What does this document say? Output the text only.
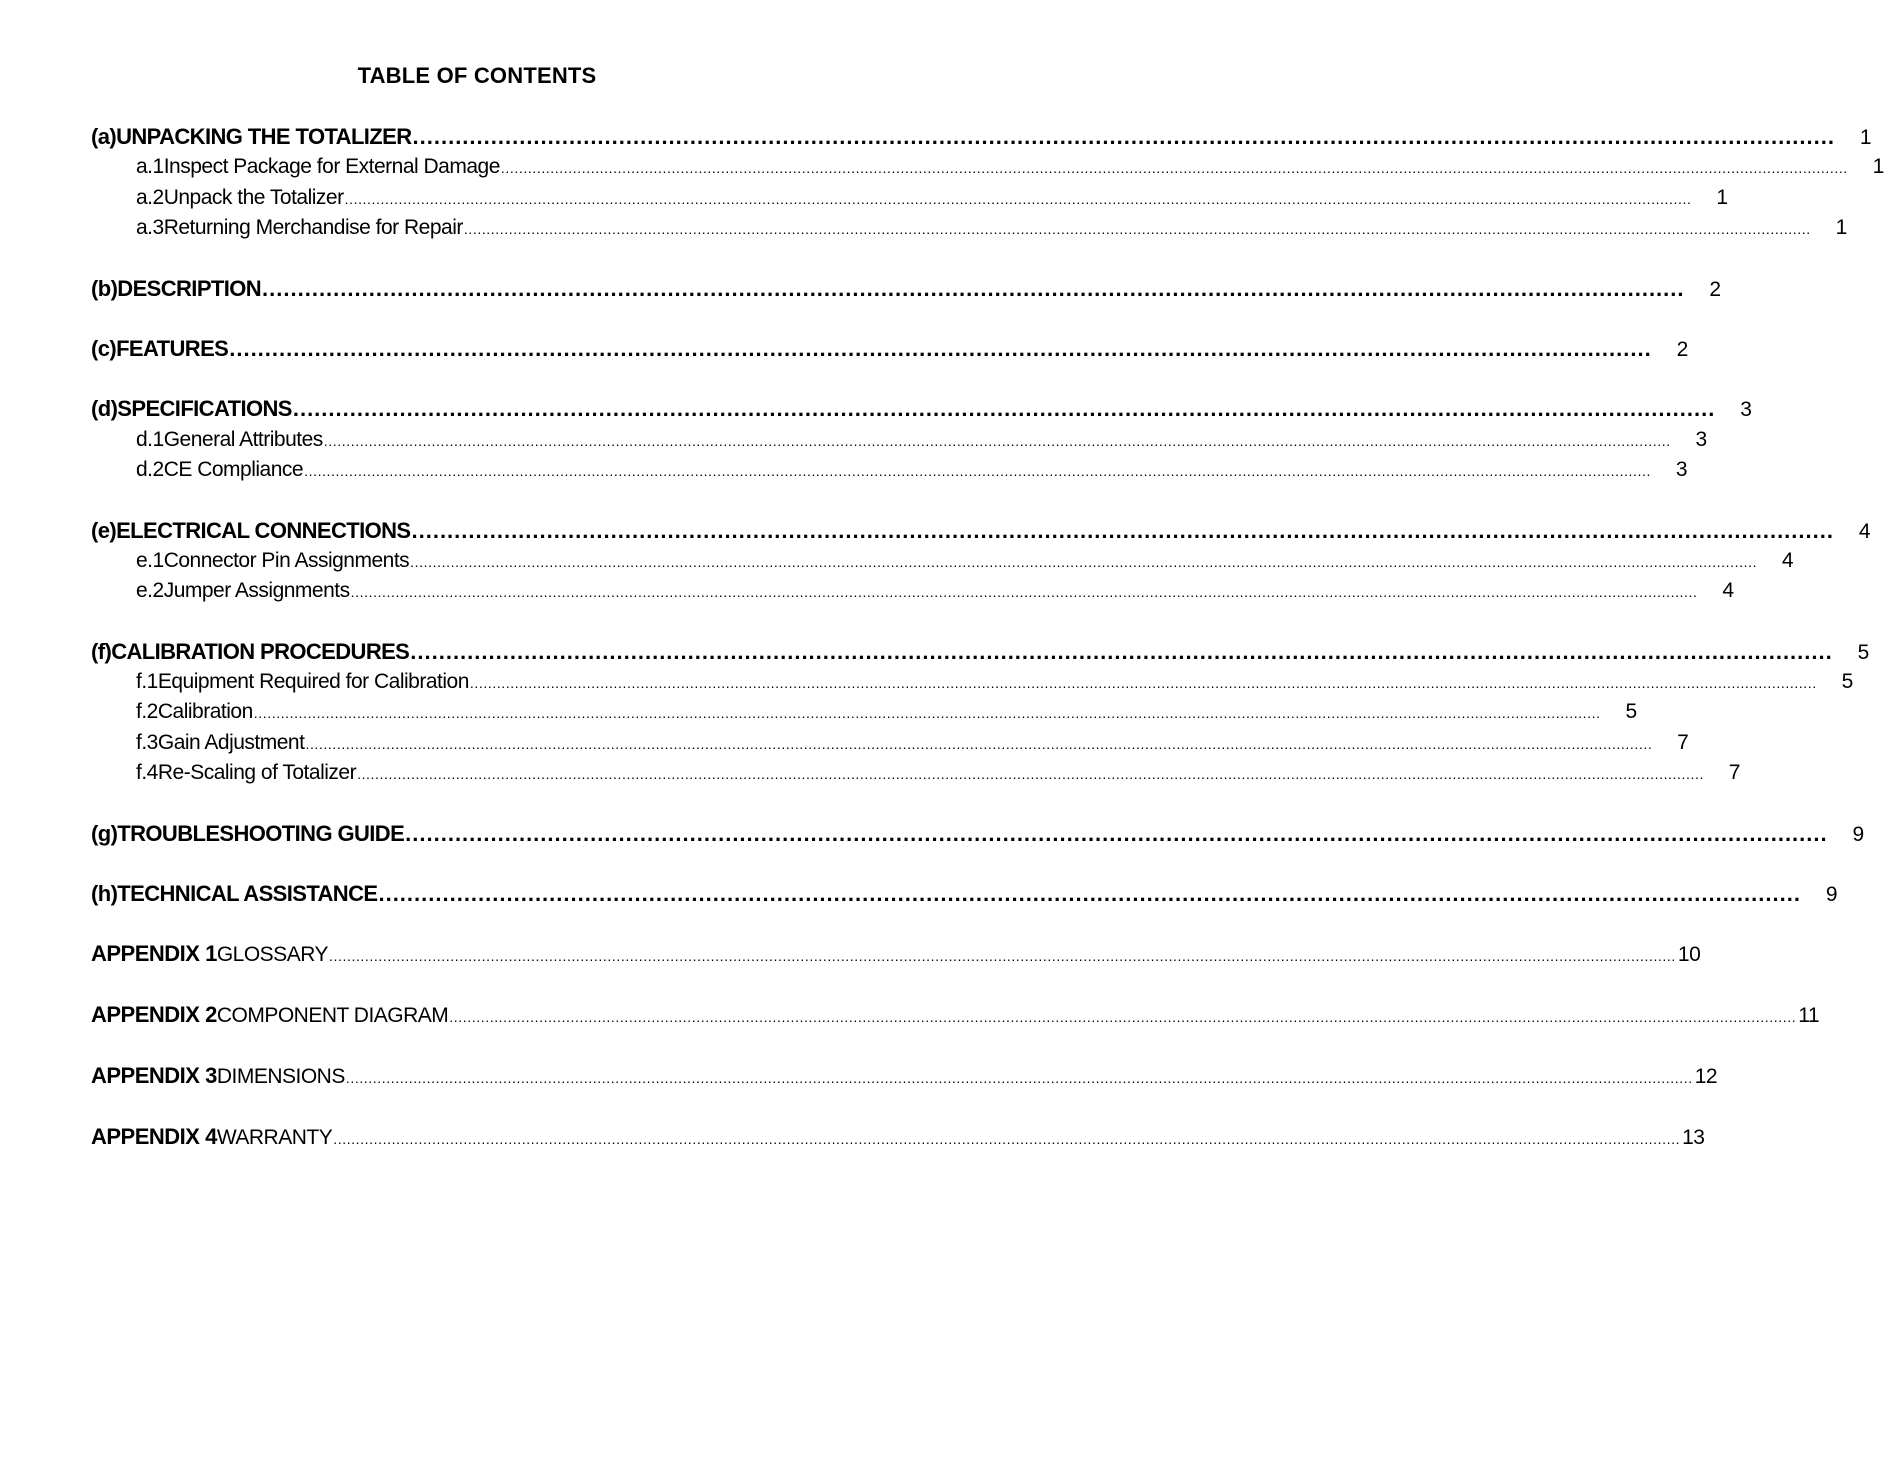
TABLE OF CONTENTS
(a) UNPACKING THE TOTALIZER ........................................................................................................................................................................................................	1
a.1 Inspect Package for External Damage ............................................................................................................................................................................................................................................................................................................	1
a.2 Unpack the Totalizer ............................................................................................................................................................................................................................................................................................................	1
a.3 Returning Merchandise for Repair ............................................................................................................................................................................................................................................................................................................	1
(b) DESCRIPTION ........................................................................................................................................................................................................	2
(c) FEATURES ........................................................................................................................................................................................................	2
(d) SPECIFICATIONS ........................................................................................................................................................................................................	3
d.1 General Attributes ............................................................................................................................................................................................................................................................................................................	3
d.2 CE Compliance ............................................................................................................................................................................................................................................................................................................	3
(e) ELECTRICAL CONNECTIONS ........................................................................................................................................................................................................	4
e.1 Connector Pin Assignments ............................................................................................................................................................................................................................................................................................................	4
e.2 Jumper Assignments ............................................................................................................................................................................................................................................................................................................	4
(f) CALIBRATION PROCEDURES ........................................................................................................................................................................................................	5
f.1 Equipment Required for Calibration ............................................................................................................................................................................................................................................................................................................	5
f.2 Calibration ............................................................................................................................................................................................................................................................................................................	5
f.3 Gain Adjustment ............................................................................................................................................................................................................................................................................................................	7
f.4 Re-Scaling of Totalizer ............................................................................................................................................................................................................................................................................................................	7
(g) TROUBLESHOOTING GUIDE ........................................................................................................................................................................................................	9
(h) TECHNICAL ASSISTANCE ........................................................................................................................................................................................................	9
APPENDIX 1 GLOSSARY ............................................................................................................................................................................................................................................................................................................ 10
APPENDIX 2 COMPONENT DIAGRAM ............................................................................................................................................................................................................................................................................................................ 11
APPENDIX 3 DIMENSIONS ............................................................................................................................................................................................................................................................................................................ 12
APPENDIX 4 WARRANTY ............................................................................................................................................................................................................................................................................................................ 13
